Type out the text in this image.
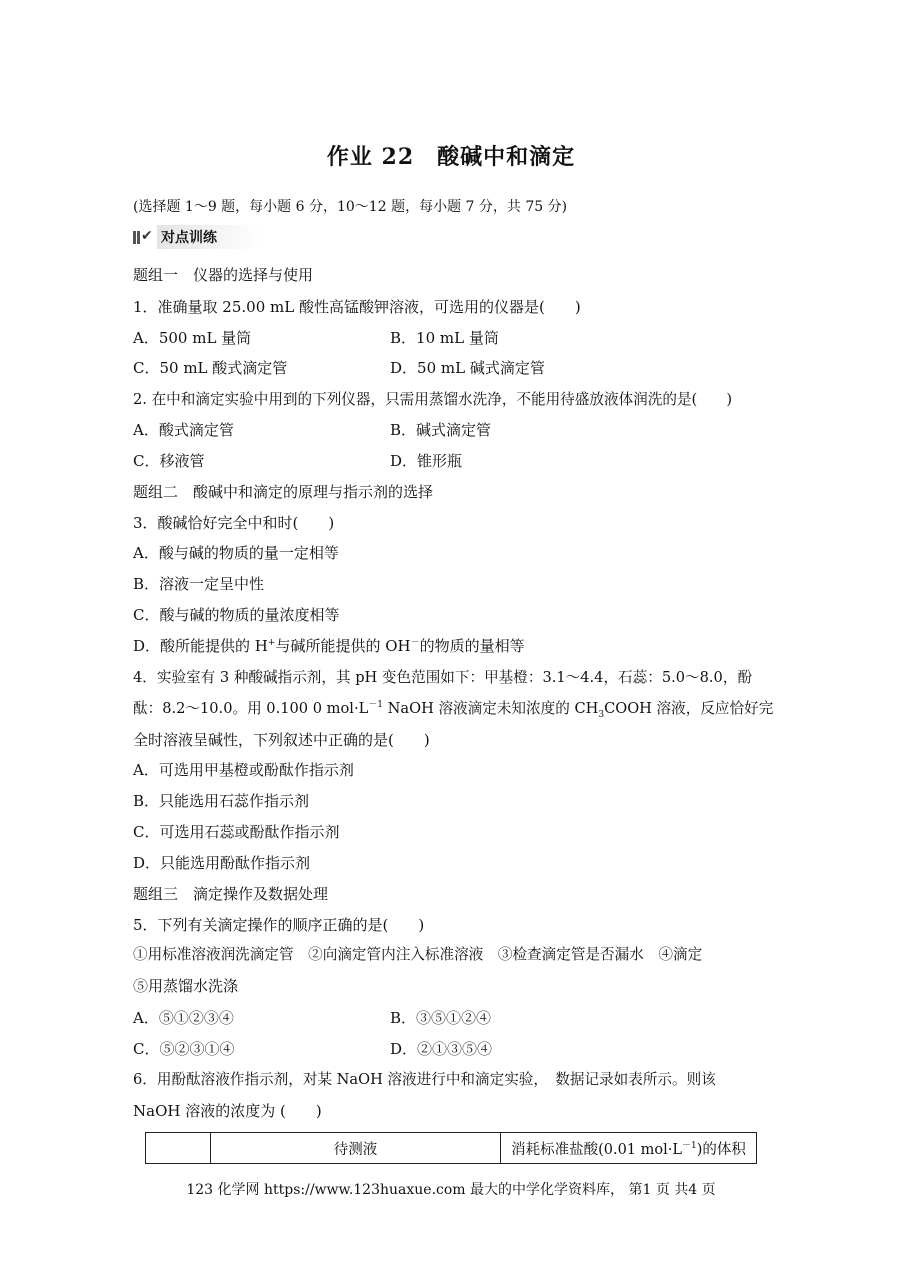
作业 22　酸碱中和滴定
(选择题 1～9 题，每小题 6 分，10～12 题，每小题 7 分，共 75 分)
✔ 对点训练
题组一　仪器的选择与使用
1．准确量取 25.00 mL 酸性高锰酸钾溶液，可选用的仪器是(　　)
A．500 mL 量筒	B．10 mL 量筒
C．50 mL 酸式滴定管	D．50 mL 碱式滴定管
2. 在中和滴定实验中用到的下列仪器，只需用蒸馏水洗净，不能用待盛放液体润洗的是(　　)
A．酸式滴定管	B．碱式滴定管
C．移液管	D．锥形瓶
题组二　酸碱中和滴定的原理与指示剂的选择
3．酸碱恰好完全中和时(　　)
A．酸与碱的物质的量一定相等
B．溶液一定呈中性
C．酸与碱的物质的量浓度相等
D．酸所能提供的 H+与碱所能提供的 OH－的物质的量相等
4．实验室有 3 种酸碱指示剂，其 pH 变色范围如下：甲基橙：3.1～4.4，石蕊：5.0～8.0，酚
酞：8.2～10.0。用 0.100 0 $mol\cdot L^{-1}$ NaOH 溶液滴定未知浓度的 $CH_3COOH$ 溶液，反应恰好完
全时溶液呈碱性，下列叙述中正确的是(　　)
A．可选用甲基橙或酚酞作指示剂
B．只能选用石蕊作指示剂
C．可选用石蕊或酚酞作指示剂
D．只能选用酚酞作指示剂
题组三　滴定操作及数据处理
5．下列有关滴定操作的顺序正确的是(　　)
①用标准溶液润洗滴定管　②向滴定管内注入标准溶液　③检查滴定管是否漏水　④滴定
⑤用蒸馏水洗涤
A．⑤①②③④	B．③⑤①②④
C．⑤②③①④	D．②①③⑤④
6．用酚酞溶液作指示剂，对某 NaOH 溶液进行中和滴定实验，　数据记录如表所示。则该
NaOH 溶液的浓度为 (　　)
	待测液	消耗标准盐酸(0.01 $mol\cdot L^{-1}$)的体积
123 化学网 https://www.123huaxue.com 最大的中学化学资料库， 第1 页 共4 页
